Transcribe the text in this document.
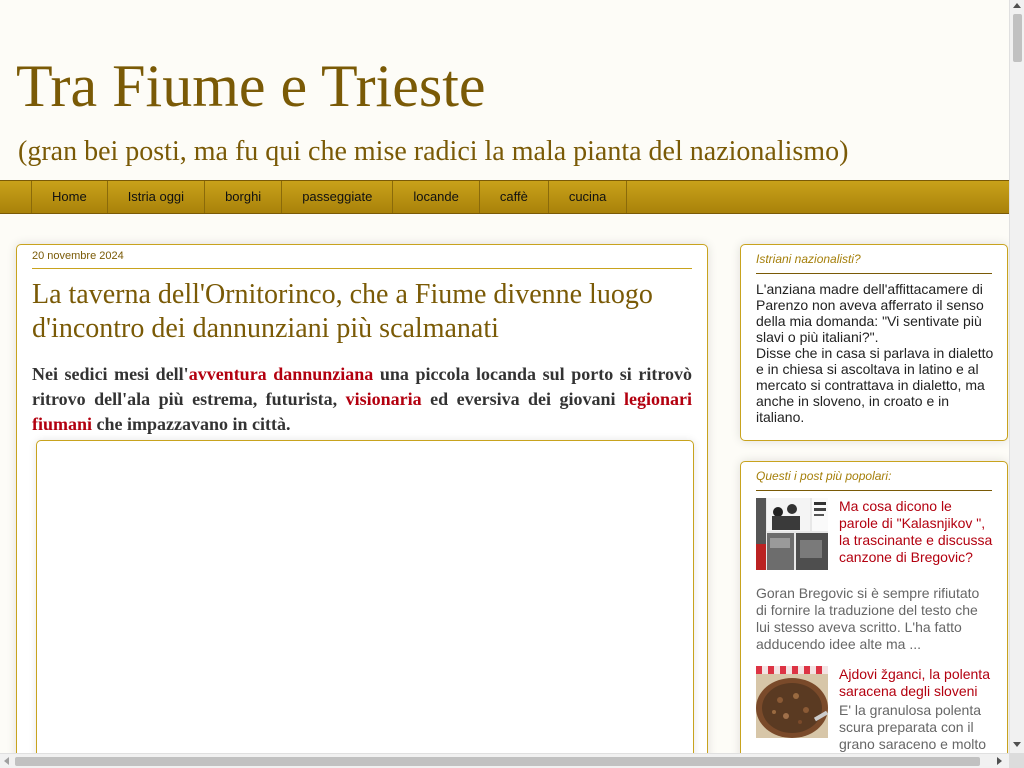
Tra Fiume e Trieste
(gran bei posti, ma fu qui che mise radici la mala pianta del nazionalismo)
Home	Istria oggi	borghi	passeggiate	locande	caffè	cucina
20 novembre 2024
La taverna dell'Ornitorinco, che a Fiume divenne luogo d'incontro dei dannunziani più scalmanati
Nei sedici mesi dell'avventura dannunziana una piccola locanda sul porto si ritrovò ritrovo dell'ala più estrema, futurista, visionaria ed eversiva dei giovani legionari fiumani che impazzavano in città.
Istriani nazionalisti?
L'anziana madre dell'affittacamere di Parenzo non aveva afferrato il senso della mia domanda: "Vi sentivate più slavi o più italiani?".
Disse che in casa si parlava in dialetto e in chiesa si ascoltava in latino e al mercato si contrattava in dialetto, ma anche in sloveno, in croato e in italiano.
Questi i post più popolari:
Ma cosa dicono le parole di "Kalasnjikov ", la trascinante e discussa canzone di Bregovic?
Goran Bregovic si è sempre rifiutato di fornire la traduzione del testo che lui stesso aveva scritto. L'ha fatto adducendo idee alte ma ...
Ajdovi žganci, la polenta saracena degli sloveni
E' la granulosa polenta scura preparata con il grano saraceno e molto
